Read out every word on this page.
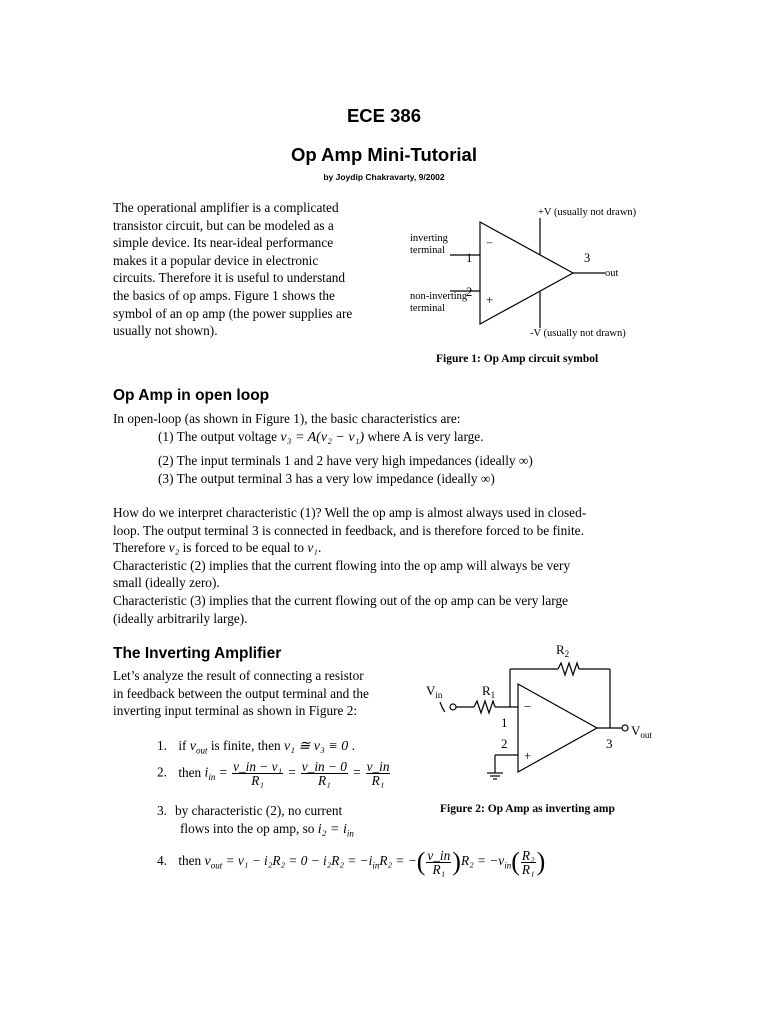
ECE 386
Op Amp Mini-Tutorial
by Joydip Chakravarty, 9/2002
The operational amplifier is a complicated
transistor circuit, but can be modeled as a
simple device. Its near-ideal performance
makes it a popular device in electronic
circuits. Therefore it is useful to understand
the basics of op amps. Figure 1 shows the
symbol of an op amp (the power supplies are
usually not shown).
+V (usually not drawn)
inverting
terminal
non-inverting
terminal
out
-V (usually not drawn)
1
2
3
−
+
Figure 1: Op Amp circuit symbol
Op Amp in open loop
In open-loop (as shown in Figure 1), the basic characteristics are:
(1) The output voltage v₃ = A(v₂ − v₁) where A is very large.
(2) The input terminals 1 and 2 have very high impedances (ideally ∞)
(3) The output terminal 3 has a very low impedance (ideally ∞)
How do we interpret characteristic (1)? Well the op amp is almost always used in closed-
loop. The output terminal 3 is connected in feedback, and is therefore forced to be finite.
Therefore v₂ is forced to be equal to v₁.
Characteristic (2) implies that the current flowing into the op amp will always be very
small (ideally zero).
Characteristic (3) implies that the current flowing out of the op amp can be very large
(ideally arbitrarily large).
The Inverting Amplifier
Let’s analyze the result of connecting a resistor
in feedback between the output terminal and the
inverting input terminal as shown in Figure 2:
1. if $v_{out}$ is finite, then v₁ ≅ v₃ ≡ 0 .
2. then $i_{in} = \frac{\text{v\_in − v₁}}{\text{R₁}} = \frac{v\_in - 0}{\text{R₁}} = \frac{v\_in}{\text{R₁}}$
3. by characteristic (2), no current
flows into the op amp, so $i_2 = i_{in}$
4. then $v_{out} = v_1 - i_2R_2 = 0 - i_2R_2 = -i_{in}R_2$ = −( $\frac{v\_in}{\text{R₁}} )R_2 = -v_{in}( \frac{\text{R₂}}{\text{R₁}}$ )
$R_2$
$R_1$
$V_{in}$
$V_{out}$
1
2	3
−
+
Figure 2: Op Amp as inverting amp
